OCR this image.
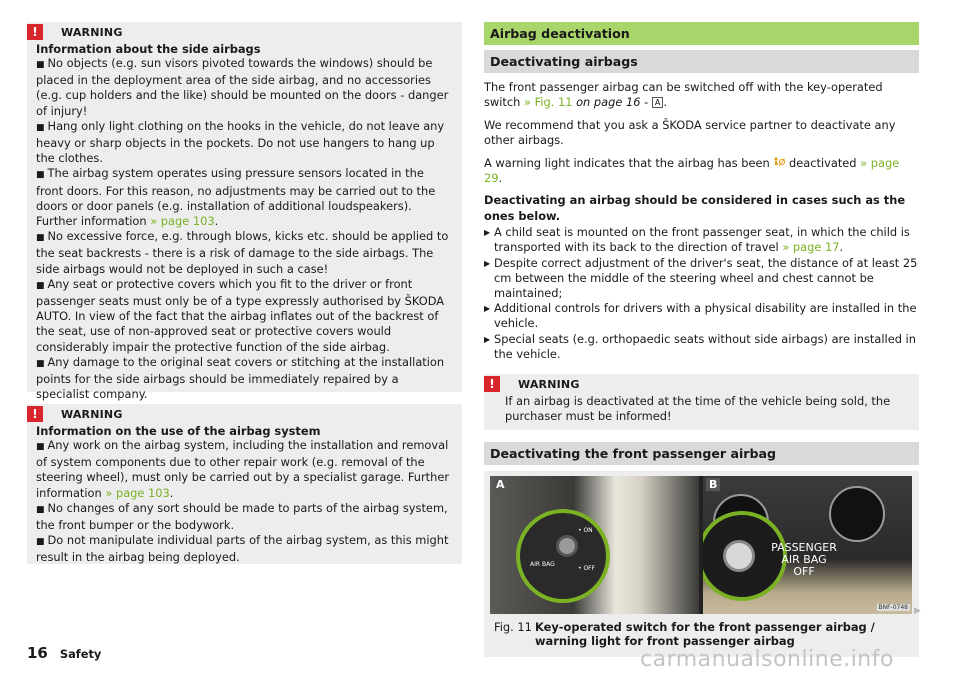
!	WARNING
Information about the side airbags
■ No objects (e.g. sun visors pivoted towards the windows) should be placed in the deployment area of the side airbag, and no accessories (e.g. cup holders and the like) should be mounted on the doors - danger of injury!
■ Hang only light clothing on the hooks in the vehicle, do not leave any heavy or sharp objects in the pockets. Do not use hangers to hang up the clothes.
■ The airbag system operates using pressure sensors located in the front doors. For this reason, no adjustments may be carried out to the doors or door panels (e.g. installation of additional loudspeakers). Further information » page 103.
■ No excessive force, e.g. through blows, kicks etc. should be applied to the seat backrests - there is a risk of damage to the side airbags. The side airbags would not be deployed in such a case!
■ Any seat or protective covers which you fit to the driver or front passenger seats must only be of a type expressly authorised by ŠKODA AUTO. In view of the fact that the airbag inflates out of the backrest of the seat, use of non-approved seat or protective covers would considerably impair the protective function of the side airbag.
■ Any damage to the original seat covers or stitching at the installation points for the side airbags should be immediately repaired by a specialist company.
!	WARNING
Information on the use of the airbag system
■ Any work on the airbag system, including the installation and removal of system components due to other repair work (e.g. removal of the steering wheel), must only be carried out by a specialist garage. Further information » page 103.
■ No changes of any sort should be made to parts of the airbag system, the front bumper or the bodywork.
■ Do not manipulate individual parts of the airbag system, as this might result in the airbag being deployed.
Airbag deactivation
Deactivating airbags
The front passenger airbag can be switched off with the key-operated switch » Fig. 11 on page 16 - A .
We recommend that you ask a ŠKODA service partner to deactivate any other airbags.
A warning light indicates that the airbag has been deactivated » page 29.
Deactivating an airbag should be considered in cases such as the ones below.
▶ A child seat is mounted on the front passenger seat, in which the child is transported with its back to the direction of travel » page 17.
▶ Despite correct adjustment of the driver's seat, the distance of at least 25 cm between the middle of the steering wheel and chest cannot be maintained;
▶ Additional controls for drivers with a physical disability are installed in the vehicle.
▶ Special seats (e.g. orthopaedic seats without side airbags) are installed in the vehicle.
!	WARNING
If an airbag is deactivated at the time of the vehicle being sold, the purchaser must be informed!
Deactivating the front passenger airbag
A
AIR BAG
• ON
• OFF
B
PASSENGER AIR BAG OFF
BNF-0748
Fig. 11 Key-operated switch for the front passenger airbag / warning light for front passenger airbag
▶
16 Safety	carmanualsonline.info
